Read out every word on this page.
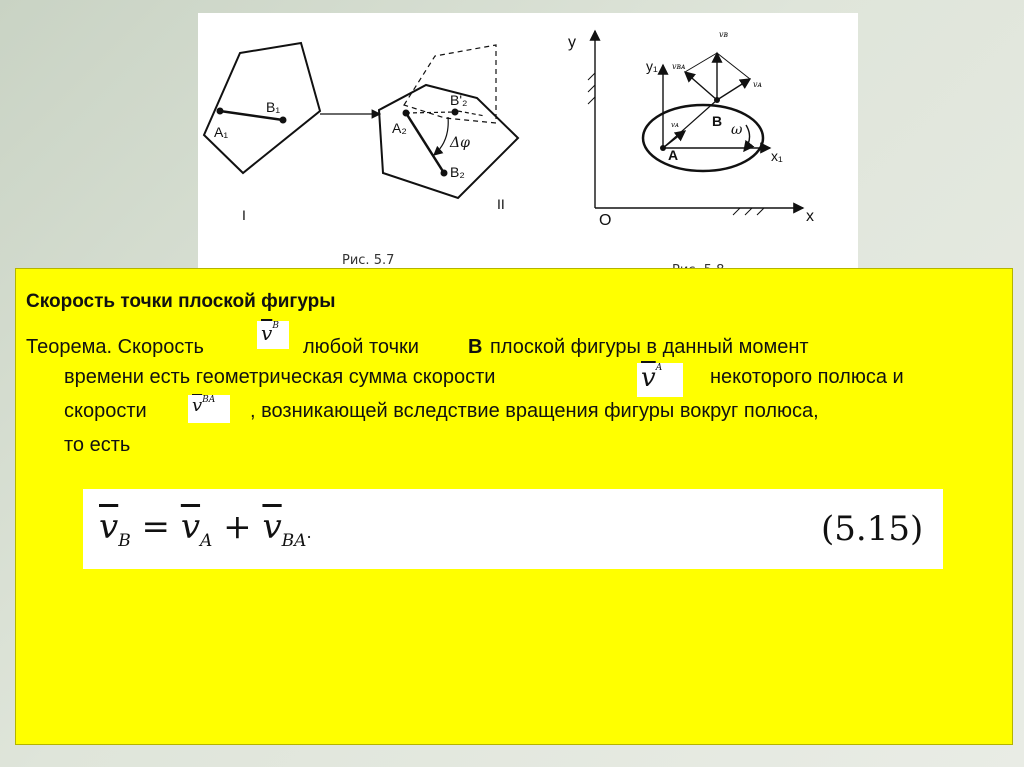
A₁
B₁
A₂
B'₂
B₂
Δφ
I
II
y
y₁
x
x₁
O
A
B
ω
vʙ
vʙᴀ
vᴀ
vᴀ
Рис. 5.7
Скорость точки плоской фигуры
Теорема. Скорость
$\overline{v}^B$
любой точки B плоской фигуры в данный момент
времени есть геометрическая сумма скорости	$\overline{v}^A$ некоторого полюса и
скорости	$\overline{v}^{BA}$ , возникающей вследствие вращения фигуры вокруг полюса,
то есть
$\overline{v}_B = \overline{v}_A + \overline{v}_{BA}$.	(5.15)
